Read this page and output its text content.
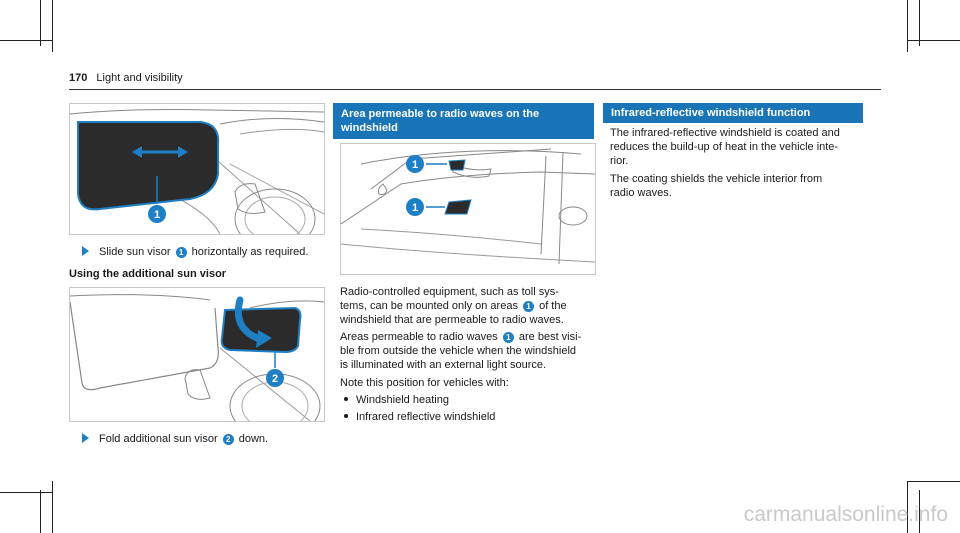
170 Light and visibility
1
Slide sun visor 1 horizontally as required.
Using the additional sun visor
2
Fold additional sun visor 2 down.
Area permeable to radio waves on the
windshield
1
1
Radio-controlled equipment, such as toll sys-
tems, can be mounted only on areas 1 of the
windshield that are permeable to radio waves.
Areas permeable to radio waves 1 are best visi-
ble from outside the vehicle when the windshield
is illuminated with an external light source.
Note this position for vehicles with:
Windshield heating
Infrared reflective windshield
Infrared-reflective windshield function
The infrared-reflective windshield is coated and
reduces the build-up of heat in the vehicle inte-
rior.
The coating shields the vehicle interior from
radio waves.
carmanualsonline.info
